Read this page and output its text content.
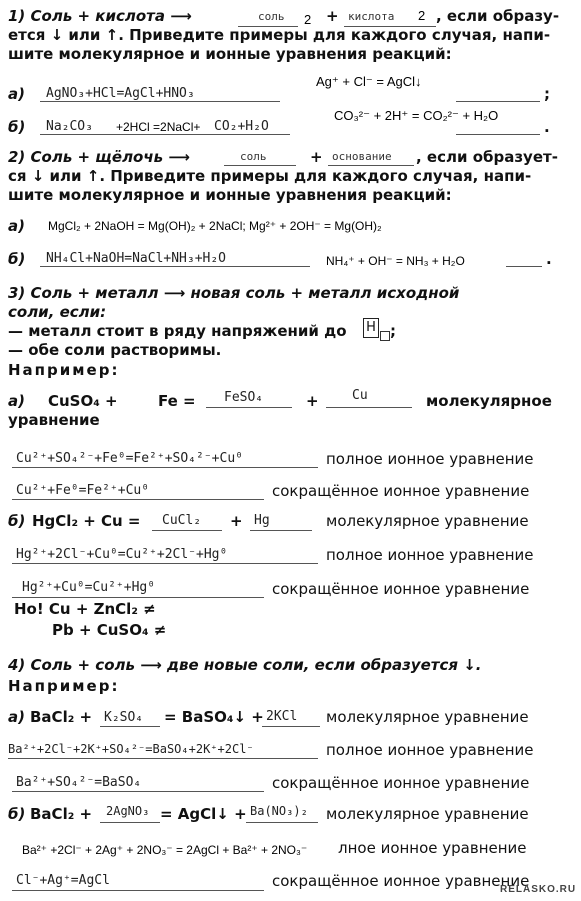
1) Соль + кислота ⟶	соль 2 + кислота 2 , если образу-
ется ↓ или ↑. Приведите примеры для каждого случая, напи-
шите молекулярное и ионные уравнения реакций:
Ag⁺ + Cl⁻ = AgCl↓
а) AgNO₃+HCl=AgCl+HNO₃	;
CO₃²⁻ + 2H⁺ = CO₂²⁻ + H₂O
б) Na₂CO₃ +2HCl =2NaCl+ CO₂+H₂O	.
2) Соль + щёлочь ⟶	соль	+ основание , если образует-
ся ↓ или ↑. Приведите примеры для каждого случая, напи-
шите молекулярное и ионные уравнения реакций:
а) MgCl₂ + 2NaOH = Mg(OH)₂ + 2NaCl; Mg²⁺ + 2OH⁻ = Mg(OH)₂
б) NH₄Cl+NaOH=NaCl+NH₃+H₂O	NH₄⁺ + OH⁻ = NH₃ + H₂O	.
3) Соль + металл ⟶ новая соль + металл исходной
соли, если:
— металл стоит в ряду напряжений до H ;
— обе соли растворимы.
Например:
а) CuSO₄ +	Fe = FeSO₄	+	Cu	молекулярное
уравнение
Cu²⁺+SO₄²⁻+Fe⁰=Fe²⁺+SO₄²⁻+Cu⁰	полное ионное уравнение
Cu²⁺+Fe⁰=Fe²⁺+Cu⁰	сокращённое ионное уравнение
б) HgCl₂ + Cu = CuCl₂ + Hg	молекулярное уравнение
Hg²⁺+2Cl⁻+Cu⁰=Cu²⁺+2Cl⁻+Hg⁰	полное ионное уравнение
Hg²⁺+Cu⁰=Cu²⁺+Hg⁰	сокращённое ионное уравнение
Но! Cu + ZnCl₂ ≠
Pb + CuSO₄ ≠
4) Соль + соль ⟶ две новые соли, если образуется ↓.
Например:
а) BaCl₂ + K₂SO₄ = BaSO₄↓ + 2KCl молекулярное уравнение
Ba²⁺+2Cl⁻+2K⁺+SO₄²⁻=BaSO₄+2K⁺+2Cl⁻	полное ионное уравнение
Ba²⁺+SO₄²⁻=BaSO₄	сокращённое ионное уравнение
б) BaCl₂ + 2AgNO₃ = AgCl↓ + Ba(NO₃)₂ молекулярное уравнение
Ba²⁺ +2Cl⁻ + 2Ag⁺ + 2NO₃⁻ = 2AgCl + Ba²⁺ + 2NO₃⁻ лное ионное уравнение
Cl⁻+Ag⁺=AgCl	сокращённое ионное уравнение
RELASKO.RU
